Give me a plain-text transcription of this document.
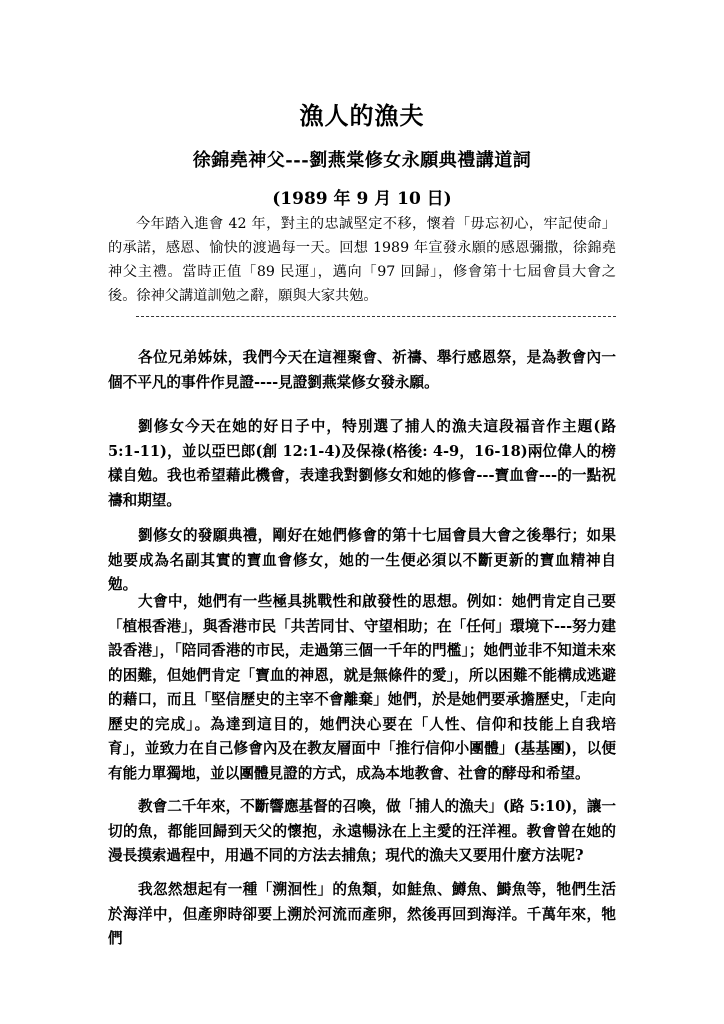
漁人的漁夫
徐錦堯神父---劉燕棠修女永願典禮講道詞
(1989 年 9 月 10 日)

今年踏入進會 42 年，對主的忠誠堅定不移，懷着「毋忘初心，牢記使命」的承諾，感恩、愉快的渡過每一天。回想 1989 年宣發永願的感恩彌撒，徐錦堯神父主禮。當時正值「89 民運」，邁向「97 回歸」，修會第十七屆會員大會之後。徐神父講道訓勉之辭，願與大家共勉。

各位兄弟姊妹，我們今天在這裡聚會、祈禱、舉行感恩祭，是為教會內一個不平凡的事件作見證----見證劉燕棠修女發永願。

劉修女今天在她的好日子中，特別選了捕人的漁夫這段福音作主題(路 5:1-11)，並以亞巴郎(創 12:1-4)及保祿(格後: 4-9，16-18)兩位偉人的榜樣自勉。我也希望藉此機會，表達我對劉修女和她的修會---寶血會---的一點祝禱和期望。

劉修女的發願典禮，剛好在她們修會的第十七屆會員大會之後舉行；如果她要成為名副其實的寶血會修女，她的一生便必須以不斷更新的寶血精神自勉。

大會中，她們有一些極具挑戰性和啟發性的思想。例如：她們肯定自己要「植根香港」，與香港市民「共苦同甘、守望相助；在「任何」環境下---努力建設香港」，「陪同香港的市民，走過第三個一千年的門檻」；她們並非不知道未來的困難，但她們肯定「寶血的神恩，就是無條件的愛」，所以困難不能構成逃避的藉口，而且「堅信歷史的主宰不會離棄」她們，於是她們要承擔歷史，「走向歷史的完成」。為達到這目的，她們決心要在「人性、信仰和技能上自我培育」，並致力在自己修會內及在教友層面中「推行信仰小團體」(基基團)，以便有能力單獨地，並以團體見證的方式，成為本地教會、社會的酵母和希望。

教會二千年來，不斷響應基督的召喚，做「捕人的漁夫」(路 5:10)，讓一切的魚，都能回歸到天父的懷抱，永遠暢泳在上主愛的汪洋裡。教會曾在她的漫長摸索過程中，用過不同的方法去捕魚；現代的漁夫又要用什麼方法呢?

我忽然想起有一種「溯洄性」的魚類，如鮭魚、鱒魚、鰣魚等，牠們生活於海洋中，但產卵時卻要上溯於河流而產卵，然後再回到海洋。千萬年來，牠們
